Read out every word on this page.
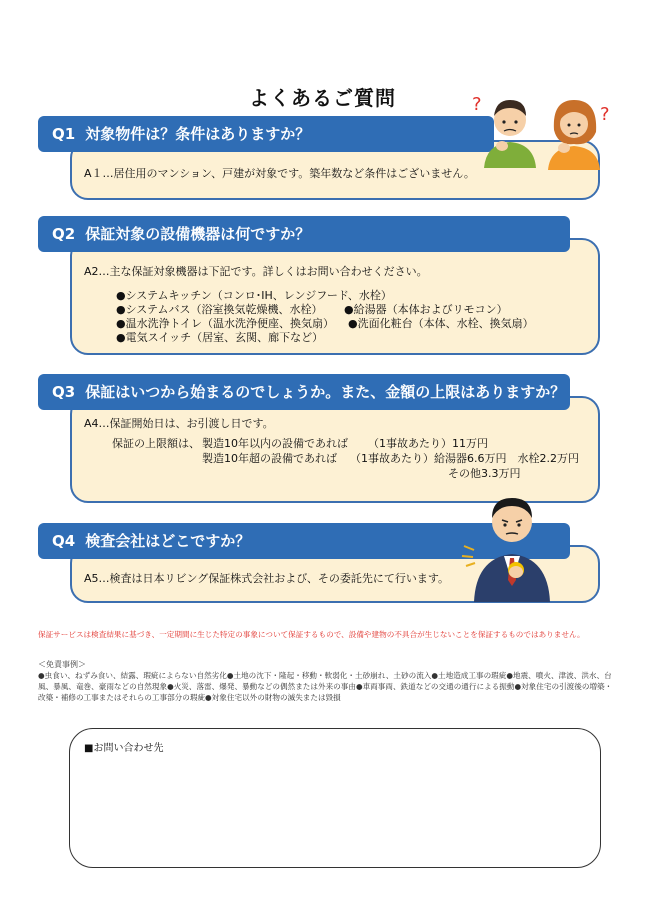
よくあるご質問
A１…居住用のマンション、戸建が対象です。築年数など条件はございません。
Q1 対象物件は？条件はありますか？
A2…主な保証対象機器は下記です。詳しくはお問い合わせください。
●システムキッチン（コンロ･IH、レンジフード、水栓）
●システムバス（浴室換気乾燥機、水栓） ●給湯器（本体およびリモコン）
●温水洗浄トイレ（温水洗浄便座、換気扇） ●洗面化粧台（本体、水栓、換気扇）
●電気スイッチ（居室、玄関、廊下など）
Q2 保証対象の設備機器は何ですか？
A4…保証開始日は、お引渡し日です。
保証の上限額は、 製造10年以内の設備であれば （1事故あたり）11万円
製造10年超の設備であれば （1事故あたり）給湯器6.6万円　水栓2.2万円
その他3.3万円
Q3 保証はいつから始まるのでしょうか。また、金額の上限はありますか？
A5…検査は日本リビング保証株式会社および、その委託先にて行います。
Q4 検査会社はどこですか？
?	?
保証サービスは検査結果に基づき、一定期間に生じた特定の事象について保証するもので、設備や建物の不具合が生じないことを保証するものではありません。
＜免責事例＞
●虫食い、ねずみ食い、結露、瑕疵によらない自然劣化●土地の沈下・隆起・移動・軟弱化・土砂崩れ、土砂の流入●土地造成工事の瑕疵●地震、噴火、津波、洪水、台風、暴風、竜巻、豪雨などの自然現象●火災、落雷、爆発、暴動などの偶然または外来の事由●車両事両、鉄道などの交通の通行による振動●対象住宅の引渡後の増築・改築・補修の工事またはそれらの工事部分の瑕疵●対象住宅以外の財物の滅失または毀損
■お問い合わせ先
